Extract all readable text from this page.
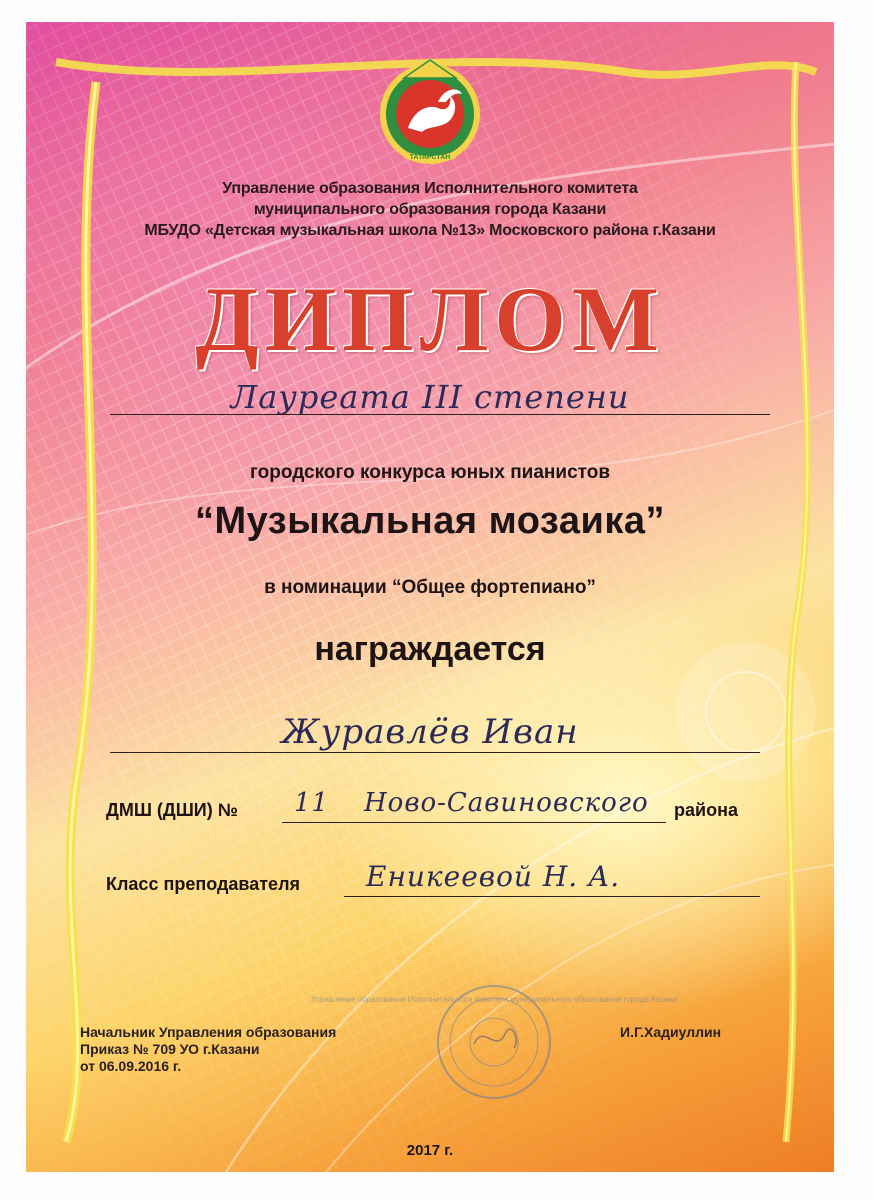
ТАТАРСТАН
Управление образования Исполнительного комитета
муниципального образования города Казани
МБУДО «Детская музыкальная школа №13» Московского района г.Казани
ДИПЛОМ
Лауреата III степени
городского конкурса юных пианистов
“Музыкальная мозаика”
в номинации “Общее фортепиано”
награждается
Журавлёв Иван
ДМШ (ДШИ) № 11 Ново-Савиновского района
Класс преподавателя Еникеевой Н. А.
Управление образования Исполнительного комитета муниципального образования города Казани
Начальник Управления образования
Приказ № 709 УО г.Казани
от 06.09.2016 г.
И.Г.Хадиуллин
2017 г.
